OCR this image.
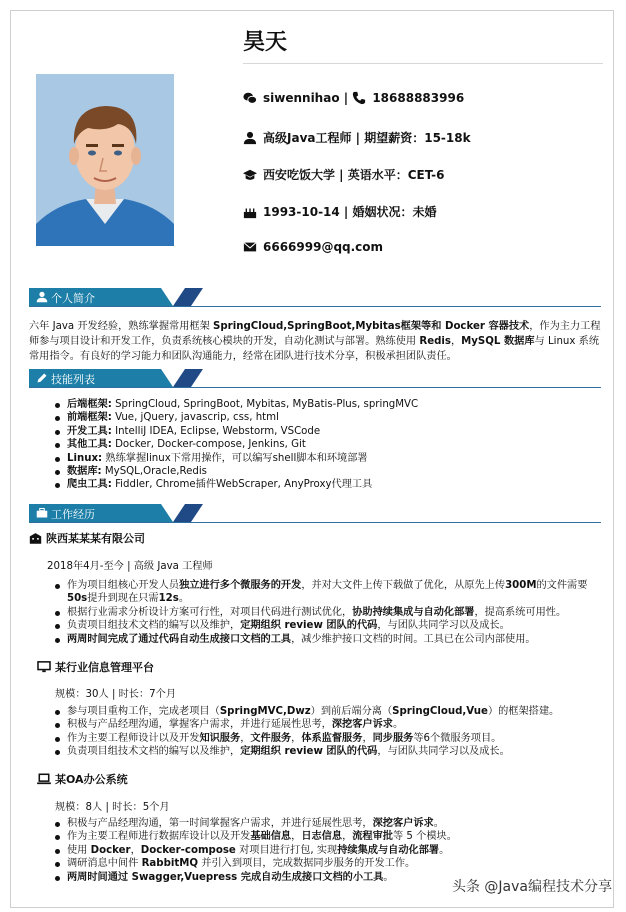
昊天
siwennihao | 18688883996
高级Java工程师 | 期望薪资：15-18k
西安吃饭大学 | 英语水平：CET-6
1993-10-14 | 婚姻状况：未婚
6666999@qq.com
个人简介
六年 Java 开发经验，熟练掌握常用框架 SpringCloud,SpringBoot,Mybitas框架等和 Docker 容器技术，作为主力工程师参与项目设计和开发工作，负责系统核心模块的开发，自动化测试与部署。熟练使用 Redis，MySQL 数据库与 Linux 系统常用指令。有良好的学习能力和团队沟通能力，经常在团队进行技术分享，积极承担团队责任。
技能列表
后端框架: SpringCloud, SpringBoot, Mybitas, MyBatis-Plus, springMVC
前端框架: Vue, jQuery, javascrip, css, html
开发工具: IntelliJ IDEA, Eclipse, Webstorm, VSCode
其他工具: Docker, Docker-compose, Jenkins, Git
Linux: 熟练掌握linux下常用操作，可以编写shell脚本和环境部署
数据库: MySQL,Oracle,Redis
爬虫工具: Fiddler, Chrome插件WebScraper, AnyProxy代理工具
工作经历
陕西某某某有限公司
2018年4月-至今 | 高级 Java 工程师
作为项目组核心开发人员独立进行多个微服务的开发，并对大文件上传下载做了优化，从原先上传300M的文件需要50s提升到现在只需12s。
根据行业需求分析设计方案可行性，对项目代码进行测试优化，协助持续集成与自动化部署，提高系统可用性。
负责项目组技术文档的编写以及维护，定期组织 review 团队的代码，与团队共同学习以及成长。
两周时间完成了通过代码自动生成接口文档的工具，减少维护接口文档的时间。工具已在公司内部使用。
某行业信息管理平台
规模：30人 | 时长：7个月
参与项目重构工作，完成老项目（SpringMVC,Dwz）到前后端分离（SpringCloud,Vue）的框架搭建。
积极与产品经理沟通，掌握客户需求，并进行延展性思考，深挖客户诉求。
作为主要工程师设计以及开发知识服务，文件服务，体系监督服务，同步服务等6个微服务项目。
负责项目组技术文档的编写以及维护，定期组织 review 团队的代码，与团队共同学习以及成长。
某OA办公系统
规模：8人 | 时长：5个月
积极与产品经理沟通，第一时间掌握客户需求，并进行延展性思考，深挖客户诉求。
作为主要工程师进行数据库设计以及开发基础信息，日志信息，流程审批等 5 个模块。
使用 Docker，Docker-compose 对项目进行打包, 实现持续集成与自动化部署。
调研消息中间件 RabbitMQ 并引入到项目，完成数据同步服务的开发工作。
两周时间通过 Swagger,Vuepress 完成自动生成接口文档的小工具。
头条 @Java编程技术分享
